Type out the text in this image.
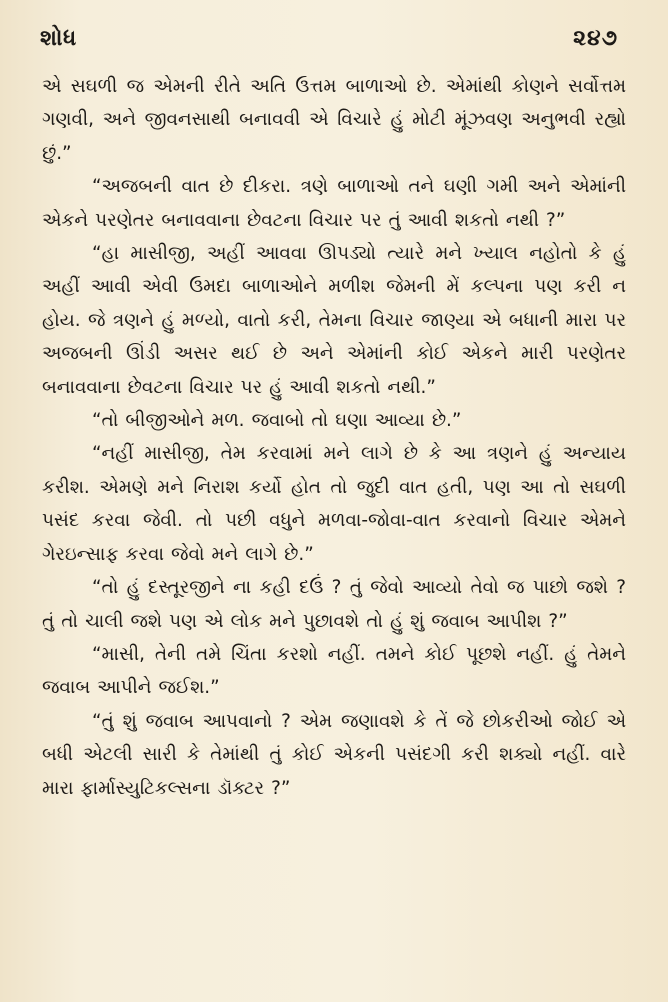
શોધ	૨૪૭

એ સઘળી જ એમની રીતે અતિ ઉત્તમ બાળાઓ છે. એમાંથી કોણને સર્વોત્તમ ગણવી, અને જીવનસાથી બનાવવી એ વિચારે હું મોટી મૂંઝવણ અનુભવી રહ્યો છું.”

“અજબની વાત છે દીકરા. ત્રણે બાળાઓ તને ઘણી ગમી અને એમાંની એકને પરણેતર બનાવવાના છેવટના વિચાર પર તું આવી શકતો નથી ?”

“હા માસીજી, અહીં આવવા ઊપડ્યો ત્યારે મને ખ્યાલ નહોતો કે હું અહીં આવી એવી ઉમદા બાળાઓને મળીશ જેમની મેં કલ્પના પણ કરી ન હોય. જે ત્રણને હું મળ્યો, વાતો કરી, તેમના વિચાર જાણ્યા એ બધાની મારા પર અજબની ઊંડી અસર થઈ છે અને એમાંની કોઈ એકને મારી પરણેતર બનાવવાના છેવટના વિચાર પર હું આવી શકતો નથી.”

“તો બીજીઓને મળ. જવાબો તો ઘણા આવ્યા છે.”

“નહીં માસીજી, તેમ કરવામાં મને લાગે છે કે આ ત્રણને હું અન્યાય કરીશ. એમણે મને નિરાશ કર્યો હોત તો જુદી વાત હતી, પણ આ તો સઘળી પસંદ કરવા જેવી. તો પછી વધુને મળવા-જોવા-વાત કરવાનો વિચાર એમને ગેરઇન્સાફ કરવા જેવો મને લાગે છે.”

“તો હું દસ્તૂરજીને ના કહી દઉં ? તું જેવો આવ્યો તેવો જ પાછો જશે ? તું તો ચાલી જશે પણ એ લોક મને પુછાવશે તો હું શું જવાબ આપીશ ?”

“માસી, તેની તમે ચિંતા કરશો નહીં. તમને કોઈ પૂછશે નહીં. હું તેમને જવાબ આપીને જઈશ.”

“તું શું જવાબ આપવાનો ? એમ જણાવશે કે તેં જે છોકરીઓ જોઈ એ બધી એટલી સારી કે તેમાંથી તું કોઈ એકની પસંદગી કરી શક્યો નહીં. વારે મારા ફાર્માસ્યુટિકલ્સના ડૉક્ટર ?”
